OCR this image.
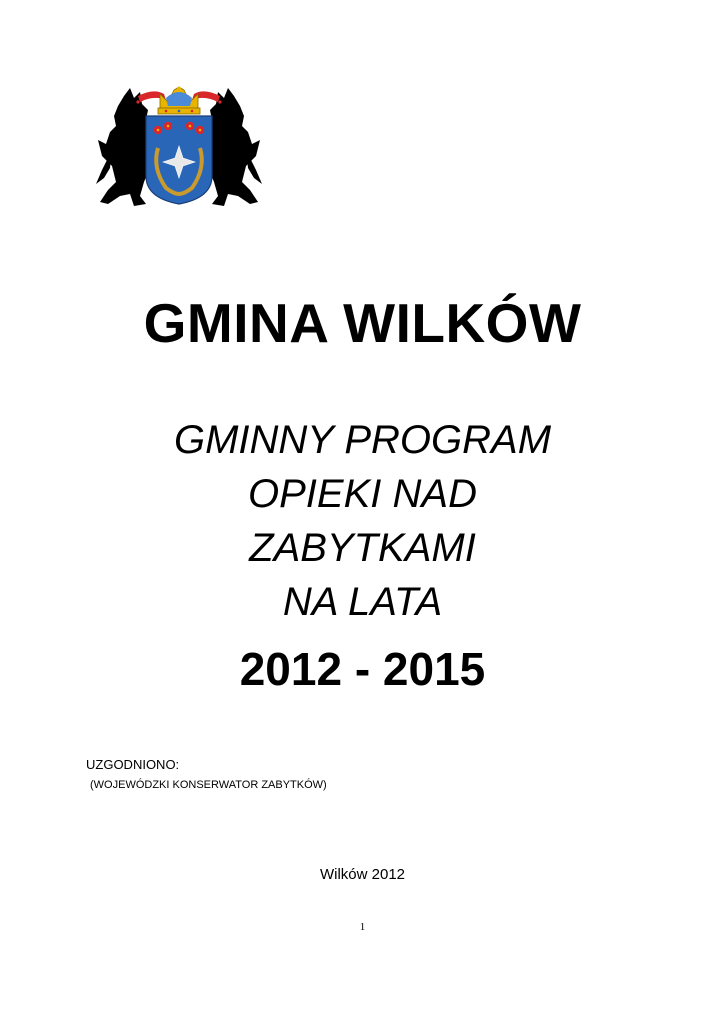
GMINA WILKÓW
GMINNY PROGRAM
OPIEKI NAD
ZABYTKAMI
NA LATA
2012 - 2015
UZGODNIONO:
(WOJEWÓDZKI KONSERWATOR ZABYTKÓW)
Wilków 2012
1
